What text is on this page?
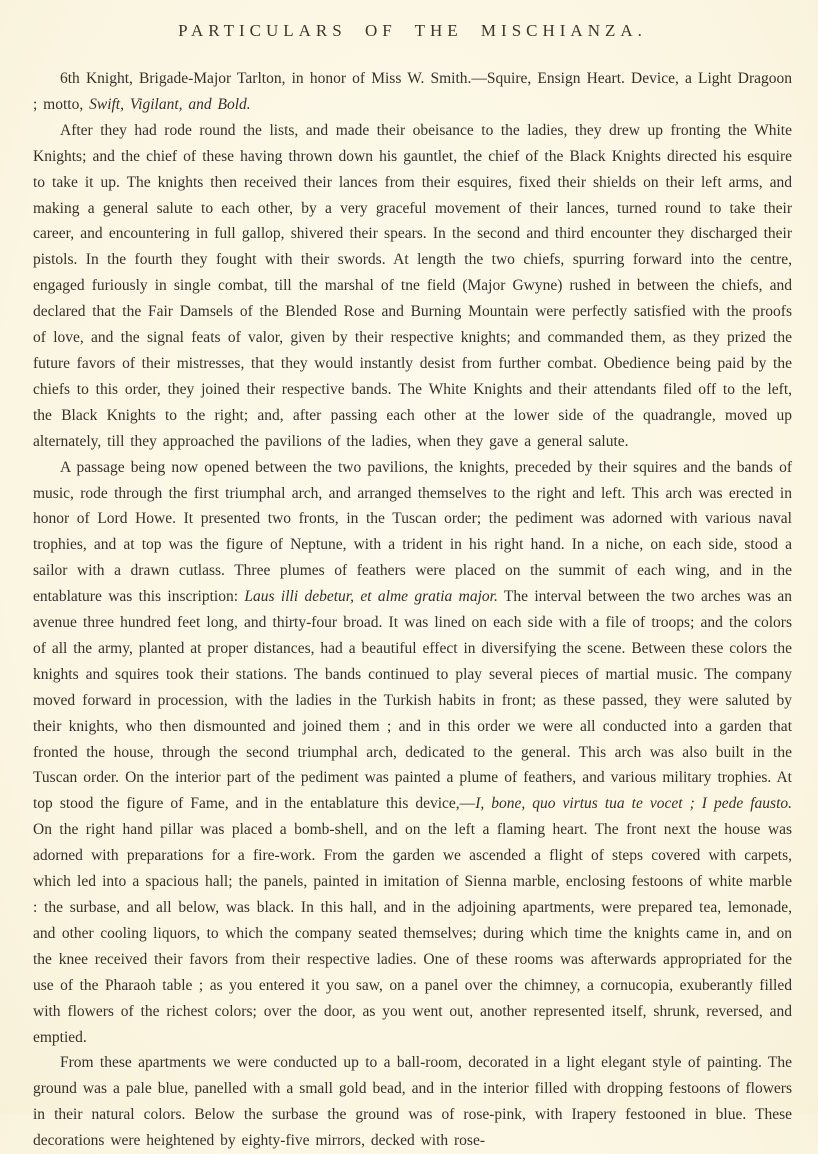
PARTICULARS OF THE MISCHIANZA.

6th Knight, Brigade-Major Tarlton, in honor of Miss W. Smith.—Squire, Ensign Heart. Device, a Light Dragoon ; motto, Swift, Vigilant, and Bold.

After they had rode round the lists, and made their obeisance to the ladies, they drew up fronting the White Knights; and the chief of these having thrown down his gauntlet, the chief of the Black Knights directed his esquire to take it up. The knights then received their lances from their esquires, fixed their shields on their left arms, and making a general salute to each other, by a very graceful movement of their lances, turned round to take their career, and encountering in full gallop, shivered their spears. In the second and third encounter they discharged their pistols. In the fourth they fought with their swords. At length the two chiefs, spurring forward into the centre, engaged furiously in single combat, till the marshal of tne field (Major Gwyne) rushed in between the chiefs, and declared that the Fair Damsels of the Blended Rose and Burning Mountain were perfectly satisfied with the proofs of love, and the signal feats of valor, given by their respective knights; and commanded them, as they prized the future favors of their mistresses, that they would instantly desist from further combat. Obedience being paid by the chiefs to this order, they joined their respective bands. The White Knights and their attendants filed off to the left, the Black Knights to the right; and, after passing each other at the lower side of the quadrangle, moved up alternately, till they approached the pavilions of the ladies, when they gave a general salute.

A passage being now opened between the two pavilions, the knights, preceded by their squires and the bands of music, rode through the first triumphal arch, and arranged themselves to the right and left. This arch was erected in honor of Lord Howe. It presented two fronts, in the Tuscan order; the pediment was adorned with various naval trophies, and at top was the figure of Neptune, with a trident in his right hand. In a niche, on each side, stood a sailor with a drawn cutlass. Three plumes of feathers were placed on the summit of each wing, and in the entablature was this inscription: Laus illi debetur, et alme gratia major. The interval between the two arches was an avenue three hundred feet long, and thirty-four broad. It was lined on each side with a file of troops; and the colors of all the army, planted at proper distances, had a beautiful effect in diversifying the scene. Between these colors the knights and squires took their stations. The bands continued to play several pieces of martial music. The company moved forward in procession, with the ladies in the Turkish habits in front; as these passed, they were saluted by their knights, who then dismounted and joined them ; and in this order we were all conducted into a garden that fronted the house, through the second triumphal arch, dedicated to the general. This arch was also built in the Tuscan order. On the interior part of the pediment was painted a plume of feathers, and various military trophies. At top stood the figure of Fame, and in the entablature this device,—I, bone, quo virtus tua te vocet ; I pede fausto. On the right hand pillar was placed a bomb-shell, and on the left a flaming heart. The front next the house was adorned with preparations for a fire-work. From the garden we ascended a flight of steps covered with carpets, which led into a spacious hall; the panels, painted in imitation of Sienna marble, enclosing festoons of white marble : the surbase, and all below, was black. In this hall, and in the adjoining apartments, were prepared tea, lemonade, and other cooling liquors, to which the company seated themselves; during which time the knights came in, and on the knee received their favors from their respective ladies. One of these rooms was afterwards appropriated for the use of the Pharaoh table ; as you entered it you saw, on a panel over the chimney, a cornucopia, exuberantly filled with flowers of the richest colors; over the door, as you went out, another represented itself, shrunk, reversed, and emptied.

From these apartments we were conducted up to a ball-room, decorated in a light elegant style of painting. The ground was a pale blue, panelled with a small gold bead, and in the interior filled with dropping festoons of flowers in their natural colors. Below the surbase the ground was of rose-pink, with Irapery festooned in blue. These decorations were heightened by eighty-five mirrors, decked with rose-
